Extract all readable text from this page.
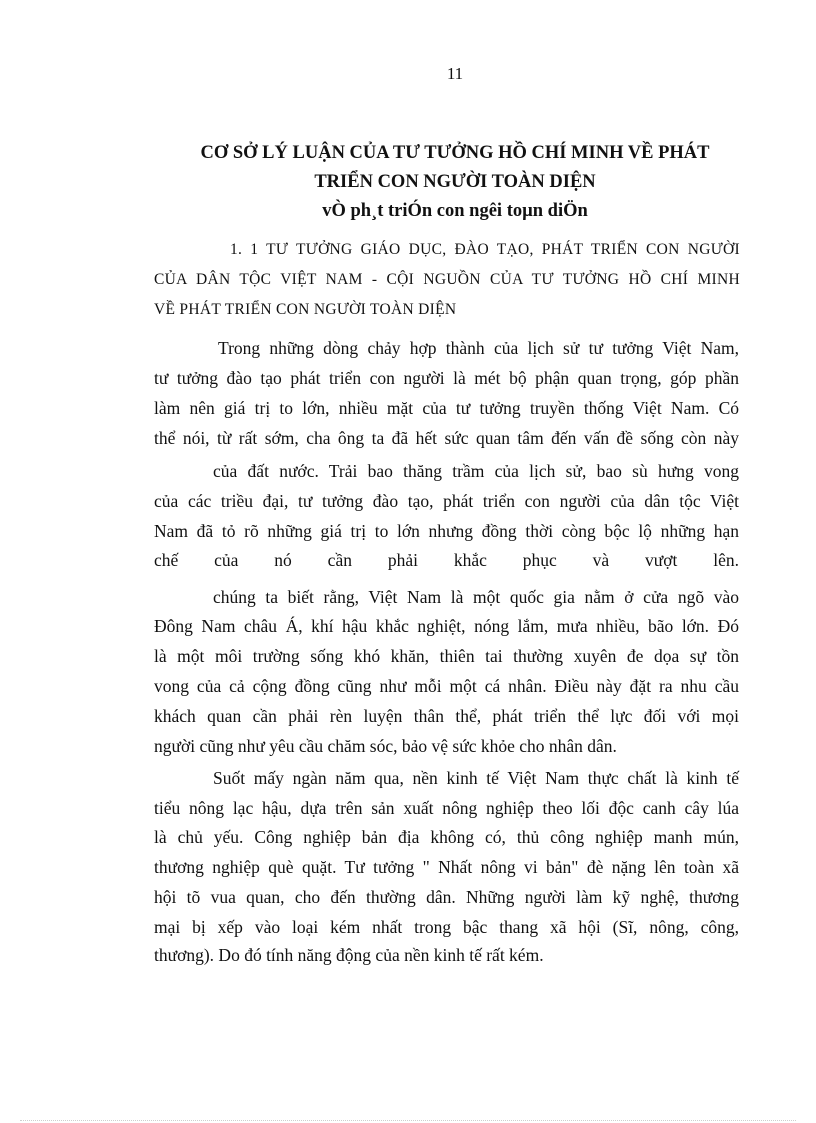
11
CƠ SỞ LÝ LUẬN CỦA TƯ TƯỞNG HỒ CHÍ MINH VỀ PHÁT
TRIỂN CON NGƯỜI TOÀN DIỆN
vÒ ph¸t triÓn con ngêi toµn diÖn
1. 1 TƯ TƯỞNG GIÁO DỤC, ĐÀO TẠO, PHÁT TRIỂN CON NGƯỜI
CỦA DÂN TỘC VIỆT NAM - CỘI NGUỒN CỦA TƯ TƯỞNG HỒ CHÍ MINH
VỀ PHÁT TRIỂN CON NGƯỜI TOÀN DIỆN
Trong những dòng chảy hợp thành của lịch sử tư tưởng Việt Nam,
tư tưởng đào tạo phát triển con người là mét bộ phận quan trọng, góp phần
làm nên giá trị to lớn, nhiều mặt của tư tưởng truyền thống Việt Nam. Có
thể nói, từ rất sớm, cha ông ta đã hết sức quan tâm đến vấn đề sống còn này
của đất nước. Trải bao thăng trầm của lịch sử, bao sù hưng vong
của các triều đại, tư tưởng đào tạo, phát triển con người của dân tộc Việt
Nam đã tỏ rõ những giá trị to lớn nhưng đồng thời còng bộc lộ những hạn
chế của nó cần phải khắc phục và vượt lên.
chúng ta biết rằng, Việt Nam là một quốc gia nằm ở cửa ngõ vào
Đông Nam châu Á, khí hậu khắc nghiệt, nóng lắm, mưa nhiều, bão lớn. Đó
là một môi trường sống khó khăn, thiên tai thường xuyên đe dọa sự tồn
vong của cả cộng đồng cũng như mỗi một cá nhân. Điều này đặt ra nhu cầu
khách quan cần phải rèn luyện thân thể, phát triển thể lực đối với mọi
người cũng như yêu cầu chăm sóc, bảo vệ sức khỏe cho nhân dân.
Suốt mấy ngàn năm qua, nền kinh tế Việt Nam thực chất là kinh tế
tiểu nông lạc hậu, dựa trên sản xuất nông nghiệp theo lối độc canh cây lúa
là chủ yếu. Công nghiệp bản địa không có, thủ công nghiệp manh mún,
thương nghiệp què quặt. Tư tưởng " Nhất nông vi bản" đè nặng lên toàn xã
hội tõ vua quan, cho đến thường dân. Những người làm kỹ nghệ, thương
mại bị xếp vào loại kém nhất trong bậc thang xã hội (Sĩ, nông, công,
thương). Do đó tính năng động của nền kinh tế rất kém.
